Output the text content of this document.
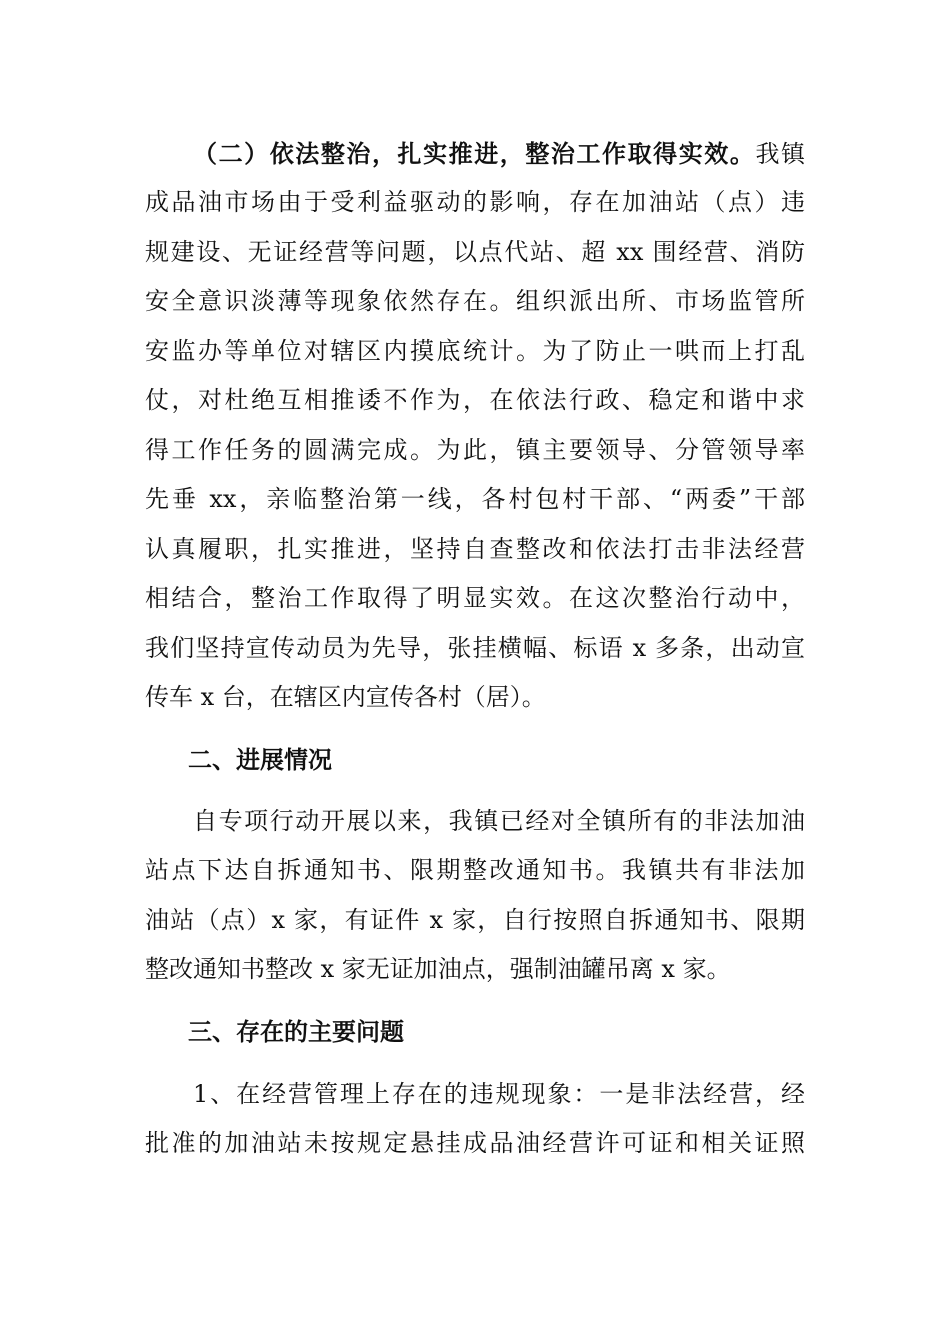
（二）依法整治，扎实推进，整治工作取得实效。我镇
成品油市场由于受利益驱动的影响，存在加油站（点）违
规建设、无证经营等问题，以点代站、超 xx 围经营、消防
安全意识淡薄等现象依然存在。组织派出所、市场监管所
安监办等单位对辖区内摸底统计。为了防止一哄而上打乱
仗，对杜绝互相推诿不作为，在依法行政、稳定和谐中求
得工作任务的圆满完成。为此，镇主要领导、分管领导率
先垂 xx，亲临整治第一线，各村包村干部、“两委”干部
认真履职，扎实推进，坚持自查整改和依法打击非法经营
相结合，整治工作取得了明显实效。在这次整治行动中，
我们坚持宣传动员为先导，张挂横幅、标语 x 多条，出动宣
传车 x 台，在辖区内宣传各村（居）。
二、进展情况
自专项行动开展以来，我镇已经对全镇所有的非法加油
站点下达自拆通知书、限期整改通知书。我镇共有非法加
油站（点）x 家，有证件 x 家，自行按照自拆通知书、限期
整改通知书整改 x 家无证加油点，强制油罐吊离 x 家。
三、存在的主要问题
1、在经营管理上存在的违规现象：一是非法经营，经
批准的加油站未按规定悬挂成品油经营许可证和相关证照
